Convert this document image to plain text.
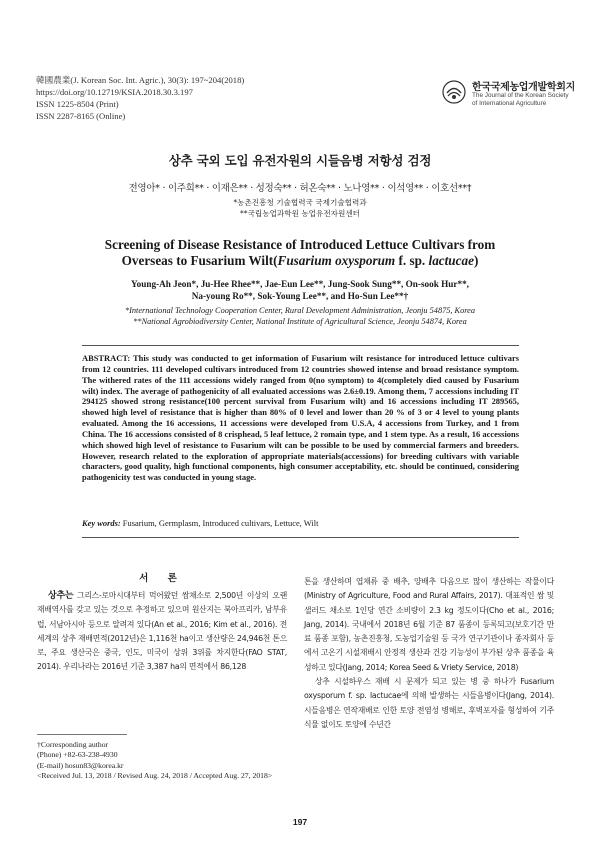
韓國農業(J. Korean Soc. Int. Agric.), 30(3): 197~204(2018)
https://doi.org/10.12719/KSIA.2018.30.3.197
ISSN 1225-8504 (Print)
ISSN 2287-8165 (Online)
한국국제농업개발학회지
The Journal of the Korean Society of International Agriculture
상추 국외 도입 유전자원의 시들음병 저항성 검정
전영아* · 이주희** · 이재은** · 성정숙** · 허온숙** · 노나영** · 이석영** · 이호선**†
*농촌진흥청 기술협력국 국제기술협력과
**국립농업과학원 농업유전자원센터
Screening of Disease Resistance of Introduced Lettuce Cultivars from
Overseas to Fusarium Wilt(Fusarium oxysporum f. sp. lactucae)
Young-Ah Jeon*, Ju-Hee Rhee**, Jae-Eun Lee**, Jung-Sook Sung**, On-sook Hur**,
Na-young Ro**, Sok-Young Lee**, and Ho-Sun Lee**†
*International Technology Cooperation Center, Rural Development Administration, Jeonju 54875, Korea
**National Agrobiodiversity Center, National Institute of Agricultural Science, Jeonju 54874, Korea
ABSTRACT: This study was conducted to get information of Fusarium wilt resistance for introduced lettuce cultivars from 12 countries. 111 developed cultivars introduced from 12 countries showed intense and broad resistance symptom. The withered rates of the 111 accessions widely ranged from 0(no symptom) to 4(completely died caused by Fusarium wilt) index. The average of pathogenicity of all evaluated accessions was 2.6±0.19. Among them, 7 accessions including IT 294125 showed strong resistance(100 percent survival from Fusarium wilt) and 16 accessions including IT 289565, showed high level of resistance that is higher than 80% of 0 level and lower than 20 % of 3 or 4 level to young plants evaluated. Among the 16 accessions, 11 accessions were developed from U.S.A, 4 accessions from Turkey, and 1 from China. The 16 accessions consisted of 8 crisphead, 5 leaf lettuce, 2 romain type, and 1 stem type. As a result, 16 accessions which showed high level of resistance to Fusarium wilt can be possible to be used by commercial farmers and breeders. However, research related to the exploration of appropriate materials(accessions) for breeding cultivars with variable characters, good quality, high functional components, high consumer acceptability, etc. should be continued, considering pathogenicity test was conducted in young stage.
Key words: Fusarium, Germplasm, Introduced cultivars, Lettuce, Wilt
서 론

상추는 그리스-로마시대부터 먹어왔던 쌈채소로 2,500년 이상의 오랜 재배역사를 갖고 있는 것으로 추정하고 있으며 원산지는 북아프리카, 남부유럽, 서남아시아 등으로 알려져 있다(An et al., 2016; Kim et al., 2016). 전 세계의 상추 재배면적(2012년)은 1,116천 ha이고 생산량은 24,946천 톤으로, 주요 생산국은 중국, 인도, 미국이 상위 3위를 차지한다(FAO STAT, 2014). 우리나라는 2016년 기준 3,387 ha의 면적에서 86,128

톤을 생산하며 엽채류 중 배추, 양배추 다음으로 많이 생산하는 작물이다(Ministry of Agriculture, Food and Rural Affairs, 2017). 대표적인 쌈 및 샐러드 채소로 1인당 연간 소비량이 2.3 kg 정도이다(Cho et al., 2016; Jang, 2014). 국내에서 2018년 6월 기준 87 품종이 등록되고(보호기간 만료 품종 포함), 농촌진흥청, 도농업기술원 등 국가 연구기관이나 종자회사 등에서 고온기 시설재배시 안정적 생산과 건강 기능성이 부가된 상추 품종을 육성하고 있다(Jang, 2014; Korea Seed & Vriety Service, 2018)

상추 시설하우스 재배 시 문제가 되고 있는 병 중 하나가 Fusarium oxysporum f. sp. lactucae에 의해 발생하는 시들음병이다(Jang, 2014). 시들음병은 연작재배로 인한 토양 전염성 병해로, 후벽포자를 형성하여 기주식물 없이도 토양에 수년간

†Corresponding author
(Phone) +82-63-238-4930
(E-mail) hosun83@korea.kr
<Received Jul. 13, 2018 / Revised Aug. 24, 2018 / Accepted Aug. 27, 2018>
197
